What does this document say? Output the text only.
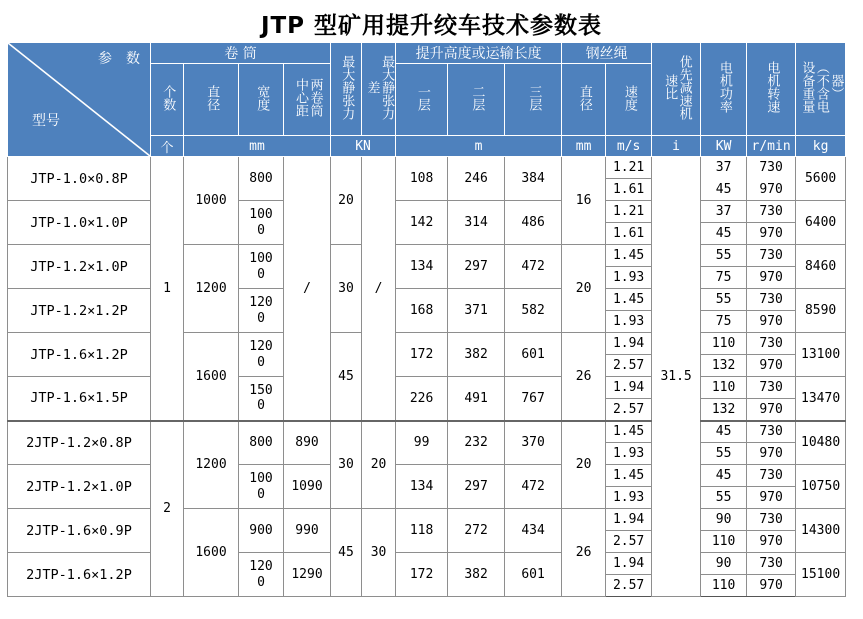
JTP 型矿用提升绞车技术参数表
参　数
型号	卷 筒				最大静张力	最大静张力差	提升高度或运输长度			钢丝绳		优先减速机速比	电机功率	电机转速	设备重量（不含电器）
	个数	直径	宽度	两卷筒中心距			一层	二层	三层	直径	速度				
	个	mm			KN		m			mm	m/s	i	KW	r/min	kg
JTP-1.0×0.8P	1	1000	800	/	20	/	108	246	384	16	1.21	31.5	37	730	5600
											1.61		45	970	
JTP-1.0×1.0P			1000				142	314	486		1.21		37	730	6400
											1.61		45	970	
JTP-1.2×1.0P		1200	1000		30		134	297	472	20	1.45		55	730	8460
											1.93		75	970	
JTP-1.2×1.2P			1200				168	371	582		1.45		55	730	8590
											1.93		75	970	
JTP-1.6×1.2P		1600	1200		45		172	382	601	26	1.94		110	730	13100
											2.57		132	970	
JTP-1.6×1.5P			1500				226	491	767		1.94		110	730	13470
											2.57		132	970	
2JTP-1.2×0.8P	2	1200	800	890	30	20	99	232	370	20	1.45		45	730	10480
											1.93		55	970	
2JTP-1.2×1.0P			1000	1090			134	297	472		1.45		45	730	10750
											1.93		55	970	
2JTP-1.6×0.9P		1600	900	990	45	30	118	272	434	26	1.94		90	730	14300
											2.57		110	970	
2JTP-1.6×1.2P			1200	1290			172	382	601		1.94		90	730	15100
											2.57		110	970	
